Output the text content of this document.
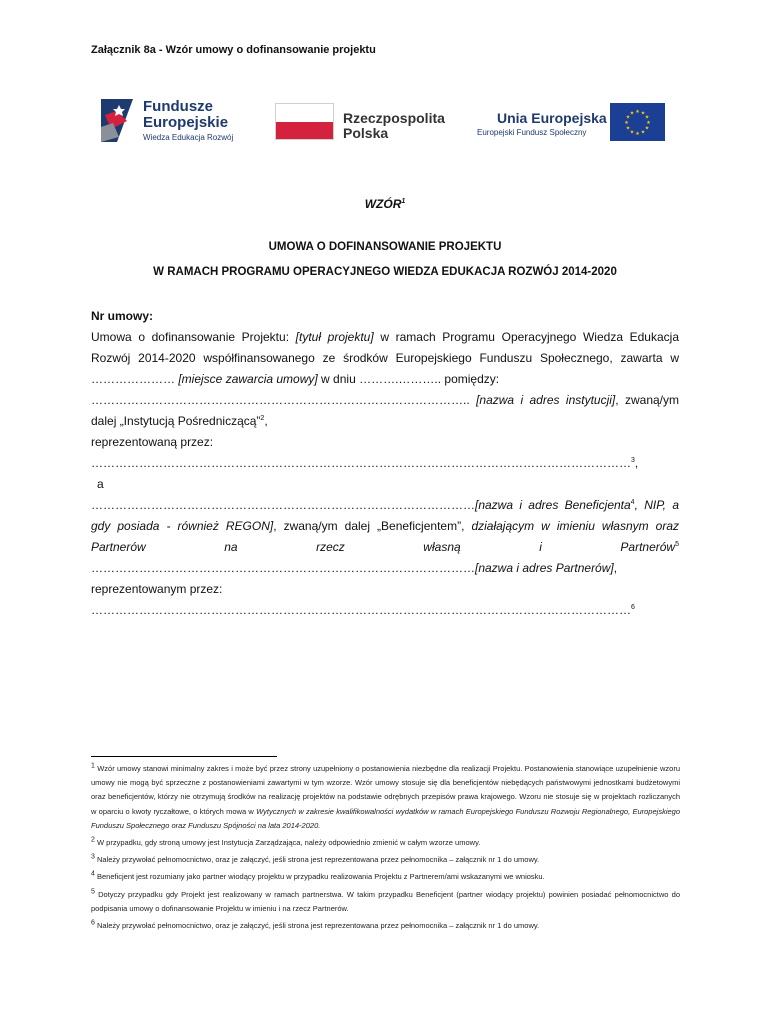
Załącznik 8a - Wzór umowy o dofinansowanie projektu
Fundusze
Europejskie
Wiedza Edukacja Rozwój
Rzeczpospolita
Polska
Unia Europejska
Europejski Fundusz Społeczny
★ ★
★
★
★
★
★
★
★
★
★
★
WZÓR$^1$
UMOWA O DOFINANSOWANIE PROJEKTU
W RAMACH PROGRAMU OPERACYJNEGO WIEDZA EDUKACJA ROZWÓJ 2014-2020

Nr umowy:

Umowa o dofinansowanie Projektu: [tytuł projektu] w ramach Programu Operacyjnego Wiedza Edukacja Rozwój 2014-2020 współfinansowanego ze środków Europejskiego Funduszu Społecznego, zawarta w ………………… [miejsce zawarcia umowy] w dniu ……….……….. pomiędzy:

………………………………………………………………………………….. [nazwa i adres instytucji], zwaną/ym dalej „Instytucją Pośredniczącą”$^2$,

reprezentowaną przez:

………………………………………………………………………………………………………………………$^3$,

a

……………………………………………………………………………………[nazwa i adres Beneficjenta$^4$, NIP, a gdy posiada - również REGON], zwaną/ym dalej „Beneficjentem”, działającym w imieniu własnym oraz Partnerów na rzecz własną i Partnerów$^5$

……………………………………………………………………………………[nazwa i adres Partnerów],

reprezentowanym przez:

………………………………………………………………………………………………………………………$^6$

$^1$ Wzór umowy stanowi minimalny zakres i może być przez strony uzupełniony o postanowienia niezbędne dla realizacji Projektu. Postanowienia stanowiące uzupełnienie wzoru umowy nie mogą być sprzeczne z postanowieniami zawartymi w tym wzorze. Wzór umowy stosuje się dla beneficjentów niebędących państwowymi jednostkami budżetowymi oraz beneficjentów, którzy nie otrzymują środków na realizację projektów na podstawie odrębnych przepisów prawa krajowego. Wzoru nie stosuje się w projektach rozliczanych w oparciu o kwoty ryczałtowe, o których mowa w Wytycznych w zakresie kwalifikowalności wydatków w ramach Europejskiego Funduszu Rozwoju Regionalnego, Europejskiego Funduszu Społecznego oraz Funduszu Spójności na lata 2014-2020.

$^2$ W przypadku, gdy stroną umowy jest Instytucja Zarządzająca, należy odpowiednio zmienić w całym wzorze umowy.

$^3$ Należy przywołać pełnomocnictwo, oraz je załączyć, jeśli strona jest reprezentowana przez pełnomocnika – załącznik nr 1 do umowy.

$^4$ Beneficjent jest rozumiany jako partner wiodący projektu w przypadku realizowania Projektu z Partnerem/ami wskazanymi we wniosku.

$^5$ Dotyczy przypadku gdy Projekt jest realizowany w ramach partnerstwa. W takim przypadku Beneficjent (partner wiodący projektu) powinien posiadać pełnomocnictwo do podpisania umowy o dofinansowanie Projektu w imieniu i na rzecz Partnerów.

$^6$ Należy przywołać pełnomocnictwo, oraz je załączyć, jeśli strona jest reprezentowana przez pełnomocnika – załącznik nr 1 do umowy.
